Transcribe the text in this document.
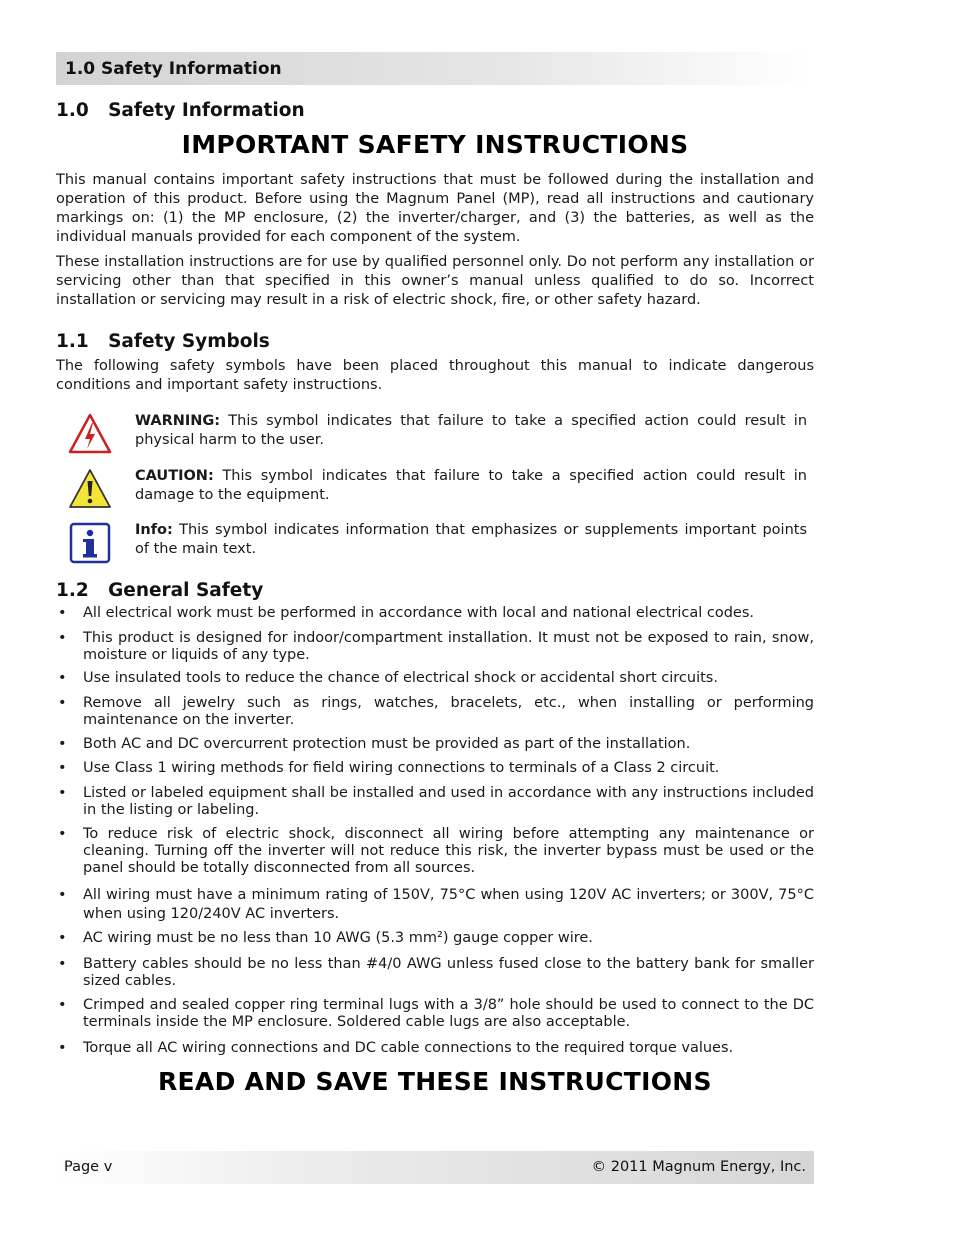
1.0 Safety Information
1.0 Safety Information
IMPORTANT SAFETY INSTRUCTIONS

This manual contains important safety instructions that must be followed during the installation and operation of this product. Before using the Magnum Panel (MP), read all instructions and cautionary markings on: (1) the MP enclosure, (2) the inverter/charger, and (3) the batteries, as well as the individual manuals provided for each component of the system.

These installation instructions are for use by qualified personnel only. Do not perform any installation or servicing other than that specified in this owner’s manual unless qualified to do so. Incorrect installation or servicing may result in a risk of electric shock, fire, or other safety hazard.

1.1 Safety Symbols

The following safety symbols have been placed throughout this manual to indicate dangerous conditions and important safety instructions.

WARNING: This symbol indicates that failure to take a specified action could result in physical harm to the user.

CAUTION: This symbol indicates that failure to take a specified action could result in damage to the equipment.

Info: This symbol indicates information that emphasizes or supplements important points of the main text.

1.2 General Safety
• All electrical work must be performed in accordance with local and national electrical codes.
• This product is designed for indoor/compartment installation. It must not be exposed to rain, snow, moisture or liquids of any type.
• Use insulated tools to reduce the chance of electrical shock or accidental short circuits.
• Remove all jewelry such as rings, watches, bracelets, etc., when installing or performing maintenance on the inverter.
• Both AC and DC overcurrent protection must be provided as part of the installation.
• Use Class 1 wiring methods for field wiring connections to terminals of a Class 2 circuit.
• Listed or labeled equipment shall be installed and used in accordance with any instructions included in the listing or labeling.
• To reduce risk of electric shock, disconnect all wiring before attempting any maintenance or cleaning. Turning off the inverter will not reduce this risk, the inverter bypass must be used or the panel should be totally disconnected from all sources.
• All wiring must have a minimum rating of 150V, 75°C when using 120V AC inverters; or 300V, 75°C when using 120/240V AC inverters.
• AC wiring must be no less than 10 AWG (5.3 mm²) gauge copper wire.
• Battery cables should be no less than #4/0 AWG unless fused close to the battery bank for smaller sized cables.
• Crimped and sealed copper ring terminal lugs with a 3/8” hole should be used to connect to the DC terminals inside the MP enclosure. Soldered cable lugs are also acceptable.
• Torque all AC wiring connections and DC cable connections to the required torque values.
READ AND SAVE THESE INSTRUCTIONS
Page v	© 2011 Magnum Energy, Inc.
